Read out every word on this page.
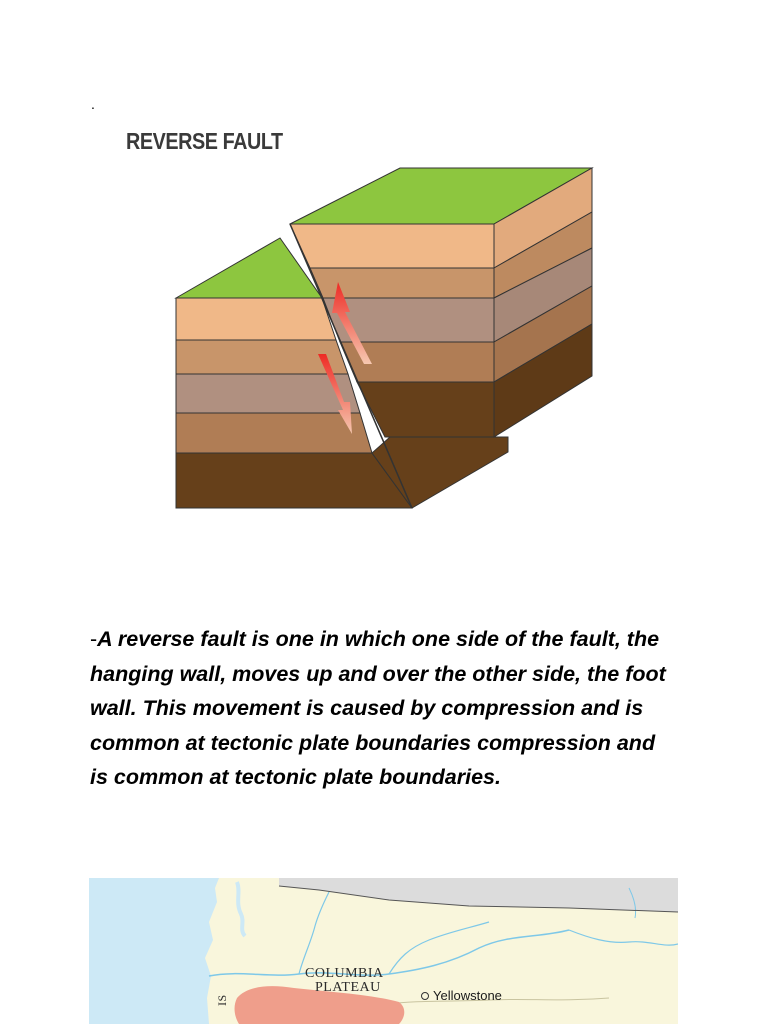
.
REVERSE FAULT

-A reverse fault is one in which one side of the fault, the hanging wall, moves up and over the other side, the foot wall. This movement is caused by compression and is common at tectonic plate boundaries compression and is common at tectonic plate boundaries.

COLUMBIA
PLATEAU
Yellowstone
IS
